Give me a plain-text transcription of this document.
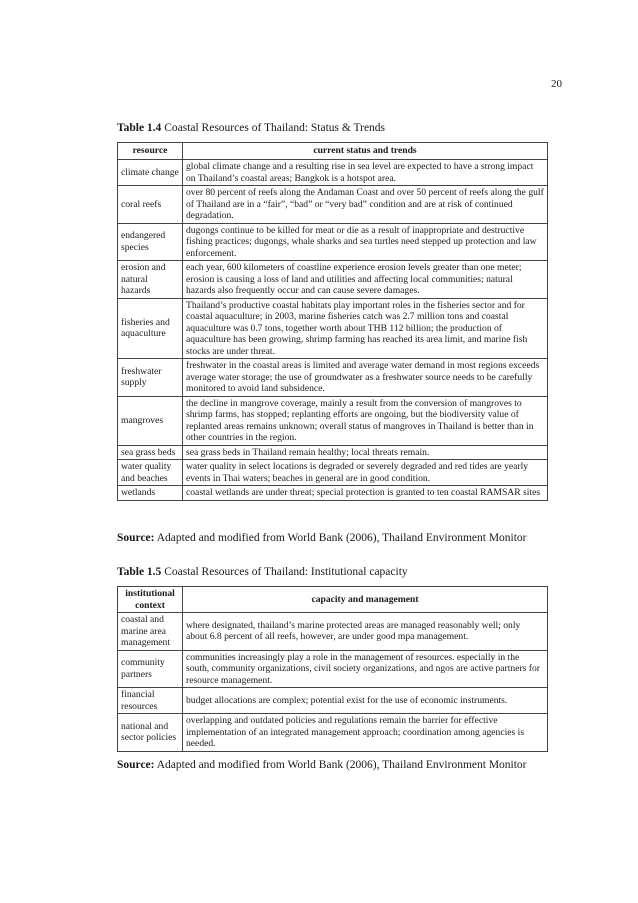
20
Table 1.4 Coastal Resources of Thailand: Status & Trends
resource	current status and trends
climate change	global climate change and a resulting rise in sea level are expected to have a strong impact on Thailand’s coastal areas; Bangkok is a hotspot area.
coral reefs	over 80 percent of reefs along the Andaman Coast and over 50 percent of reefs along the gulf of Thailand are in a “fair”, “bad” or “very bad” condition and are at risk of continued degradation.
endangered species	dugongs continue to be killed for meat or die as a result of inappropriate and destructive fishing practices; dugongs, whale sharks and sea turtles need stepped up protection and law enforcement.
erosion and natural hazards	each year, 600 kilometers of coastline experience erosion levels greater than one meter; erosion is causing a loss of land and utilities and affecting local communities; natural hazards also frequently occur and can cause severe damages.
fisheries and aquaculture	Thailand’s productive coastal habitats play important roles in the fisheries sector and for coastal aquaculture; in 2003, marine fisheries catch was 2.7 million tons and coastal aquaculture was 0.7 tons, together worth about THB 112 billion; the production of aquaculture has been growing, shrimp farming has reached its area limit, and marine fish stocks are under threat.
freshwater supply	freshwater in the coastal areas is limited and average water demand in most regions exceeds average water storage; the use of groundwater as a freshwater source needs to be carefully monitored to avoid land subsidence.
mangroves	the decline in mangrove coverage, mainly a result from the conversion of mangroves to shrimp farms, has stopped; replanting efforts are ongoing, but the biodiversity value of replanted areas remains unknown; overall status of mangroves in Thailand is better than in other countries in the region.
sea grass beds	sea grass beds in Thailand remain healthy; local threats remain.
water quality and beaches	water quality in select locations is degraded or severely degraded and red tides are yearly events in Thai waters; beaches in general are in good condition.
wetlands	coastal wetlands are under threat; special protection is granted to ten coastal RAMSAR sites
Source: Adapted and modified from World Bank (2006), Thailand Environment Monitor
Table 1.5 Coastal Resources of Thailand: Institutional capacity
institutional context	capacity and management
coastal and marine area management	where designated, thailand’s marine protected areas are managed reasonably well; only about 6.8 percent of all reefs, however, are under good mpa management.
community partners	communities increasingly play a role in the management of resources. especially in the south, community organizations, civil society organizations, and ngos are active partners for resource management.
financial resources	budget allocations are complex; potential exist for the use of economic instruments.
national and sector policies	overlapping and outdated policies and regulations remain the barrier for effective implementation of an integrated management approach; coordination among agencies is needed.
Source: Adapted and modified from World Bank (2006), Thailand Environment Monitor
